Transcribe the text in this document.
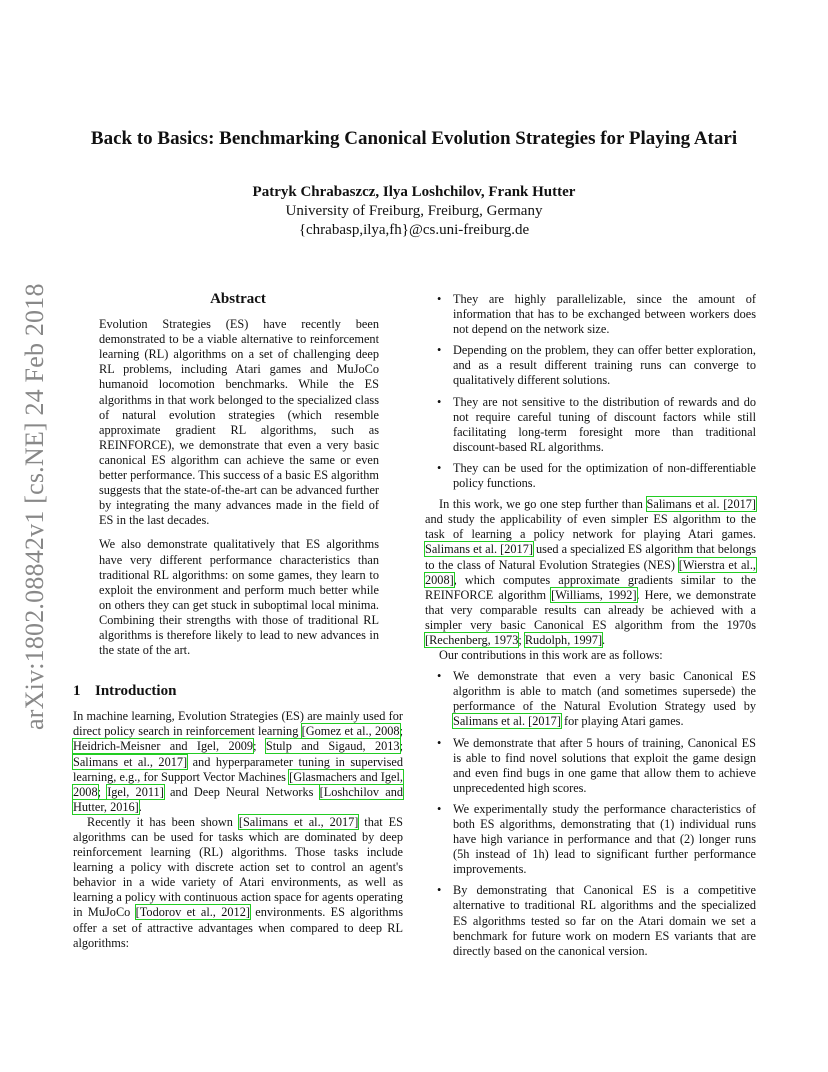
arXiv:1802.08842v1 [cs.NE] 24 Feb 2018
Back to Basics: Benchmarking Canonical Evolution Strategies for Playing Atari
Patryk Chrabaszcz, Ilya Loshchilov, Frank Hutter
University of Freiburg, Freiburg, Germany
{chrabasp,ilya,fh}@cs.uni-freiburg.de
Abstract

Evolution Strategies (ES) have recently been demonstrated to be a viable alternative to reinforcement learning (RL) algorithms on a set of challenging deep RL problems, including Atari games and MuJoCo humanoid locomotion benchmarks. While the ES algorithms in that work belonged to the specialized class of natural evolution strategies (which resemble approximate gradient RL algorithms, such as REINFORCE), we demonstrate that even a very basic canonical ES algorithm can achieve the same or even better performance. This success of a basic ES algorithm suggests that the state-of-the-art can be advanced further by integrating the many advances made in the field of ES in the last decades.

We also demonstrate qualitatively that ES algorithms have very different performance characteristics than traditional RL algorithms: on some games, they learn to exploit the environment and perform much better while on others they can get stuck in suboptimal local minima. Combining their strengths with those of traditional RL algorithms is therefore likely to lead to new advances in the state of the art.

1 Introduction

In machine learning, Evolution Strategies (ES) are mainly used for direct policy search in reinforcement learning [Gomez et al., 2008; Heidrich-Meisner and Igel, 2009; Stulp and Sigaud, 2013; Salimans et al., 2017] and hyperparameter tuning in supervised learning, e.g., for Support Vector Machines [Glasmachers and Igel, 2008; Igel, 2011] and Deep Neural Networks [Loshchilov and Hutter, 2016].

Recently it has been shown [Salimans et al., 2017] that ES algorithms can be used for tasks which are dominated by deep reinforcement learning (RL) algorithms. Those tasks include learning a policy with discrete action set to control an agent's behavior in a wide variety of Atari environments, as well as learning a policy with continuous action space for agents operating in MuJoCo [Todorov et al., 2012] environments. ES algorithms offer a set of attractive advantages when compared to deep RL algorithms:

• They are highly parallelizable, since the amount of information that has to be exchanged between workers does not depend on the network size.
• Depending on the problem, they can offer better exploration, and as a result different training runs can converge to qualitatively different solutions.
• They are not sensitive to the distribution of rewards and do not require careful tuning of discount factors while still facilitating long-term foresight more than traditional discount-based RL algorithms.
• They can be used for the optimization of non-differentiable policy functions.

In this work, we go one step further than Salimans et al. [2017] and study the applicability of even simpler ES algorithm to the task of learning a policy network for playing Atari games. Salimans et al. [2017] used a specialized ES algorithm that belongs to the class of Natural Evolution Strategies (NES) [Wierstra et al., 2008], which computes approximate gradients similar to the REINFORCE algorithm [Williams, 1992]. Here, we demonstrate that very comparable results can already be achieved with a simpler very basic Canonical ES algorithm from the 1970s [Rechenberg, 1973; Rudolph, 1997].

Our contributions in this work are as follows:

• We demonstrate that even a very basic Canonical ES algorithm is able to match (and sometimes supersede) the performance of the Natural Evolution Strategy used by Salimans et al. [2017] for playing Atari games.
• We demonstrate that after 5 hours of training, Canonical ES is able to find novel solutions that exploit the game design and even find bugs in one game that allow them to achieve unprecedented high scores.
• We experimentally study the performance characteristics of both ES algorithms, demonstrating that (1) individual runs have high variance in performance and that (2) longer runs (5h instead of 1h) lead to significant further performance improvements.
• By demonstrating that Canonical ES is a competitive alternative to traditional RL algorithms and the specialized ES algorithms tested so far on the Atari domain we set a benchmark for future work on modern ES variants that are directly based on the canonical version.
